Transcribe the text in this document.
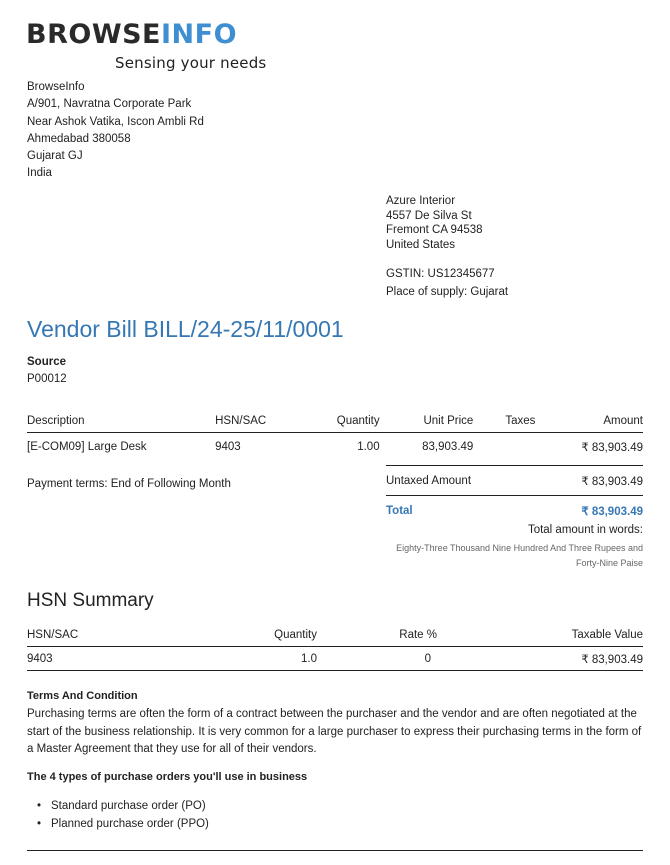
BROWSEINFO
Sensing your needs
BrowseInfo
A/901, Navratna Corporate Park
Near Ashok Vatika, Iscon Ambli Rd
Ahmedabad 380058
Gujarat GJ
India
Azure Interior
4557 De Silva St
Fremont CA 94538
United States
GSTIN: US12345677
Place of supply: Gujarat
Vendor Bill BILL/24-25/11/0001
Source
P00012
Description	HSN/SAC	Quantity	Unit Price	Taxes	Amount
[E-COM09] Large Desk	9403	1.00	83,903.49		₹ 83,903.49
Payment terms: End of Following Month	Untaxed Amount	₹ 83,903.49
Total	₹ 83,903.49
Total amount in words:
Eighty-Three Thousand Nine Hundred And Three Rupees and
Forty-Nine Paise
HSN Summary
HSN/SAC	Quantity	Rate %	Taxable Value
9403	1.0	0	₹ 83,903.49
Terms And Condition
Purchasing terms are often the form of a contract between the purchaser and the vendor and are often negotiated at the start of the business relationship. It is very common for a large purchaser to express their purchasing terms in the form of a Master Agreement that they use for all of their vendors.
The 4 types of purchase orders you'll use in business
• Standard purchase order (PO)
• Planned purchase order (PPO)
